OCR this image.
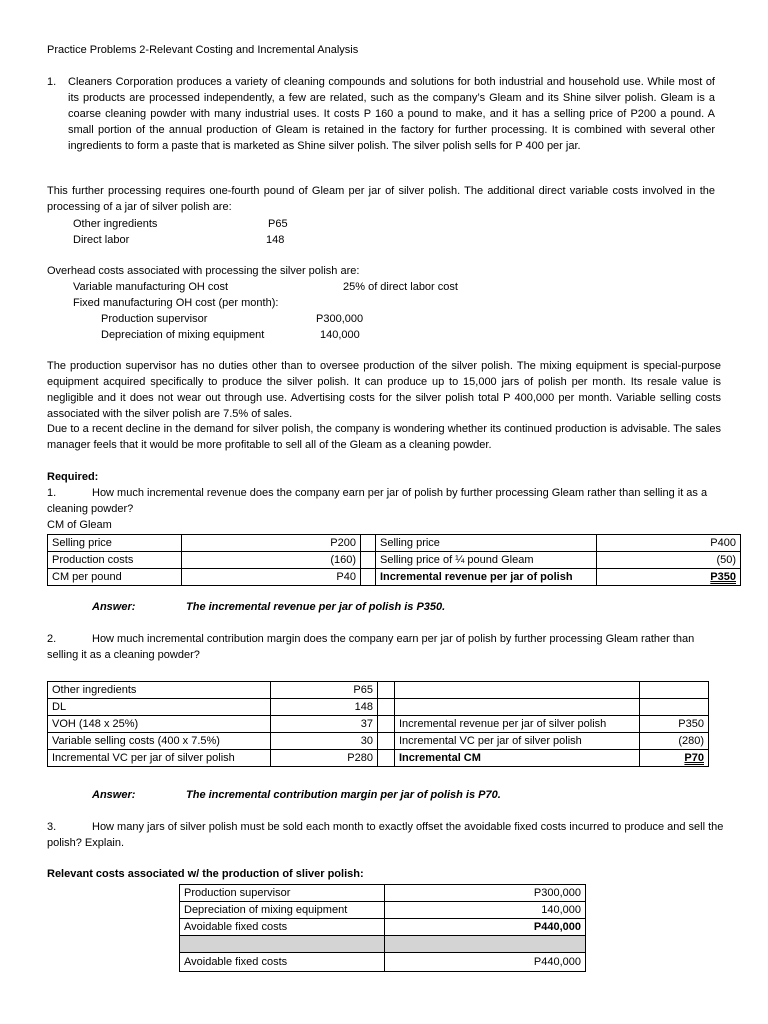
Practice Problems 2-Relevant Costing and Incremental Analysis
1. Cleaners Corporation produces a variety of cleaning compounds and solutions for both industrial and household use. While most of its products are processed independently, a few are related, such as the company’s Gleam and its Shine silver polish. Gleam is a coarse cleaning powder with many industrial uses. It costs P 160 a pound to make, and it has a selling price of P200 a pound. A small portion of the annual production of Gleam is retained in the factory for further processing. It is combined with several other ingredients to form a paste that is marketed as Shine silver polish. The silver polish sells for P 400 per jar.

This further processing requires one-fourth pound of Gleam per jar of silver polish. The additional direct variable costs involved in the processing of a jar of silver polish are:

Other ingredients	P65
Direct labor	148
Overhead costs associated with processing the silver polish are:
Variable manufacturing OH cost	25% of direct labor cost
Fixed manufacturing OH cost (per month):
Production supervisor	P300,000
Depreciation of mixing equipment	140,000

The production supervisor has no duties other than to oversee production of the silver polish. The mixing equipment is special-purpose equipment acquired specifically to produce the silver polish. It can produce up to 15,000 jars of polish per month. Its resale value is negligible and it does not wear out through use. Advertising costs for the silver polish total P 400,000 per month. Variable selling costs associated with the silver polish are 7.5% of sales.

Due to a recent decline in the demand for silver polish, the company is wondering whether its continued production is advisable. The sales manager feels that it would be more profitable to sell all of the Gleam as a cleaning powder.

Required:
1.	How much incremental revenue does the company earn per jar of polish by further processing Gleam rather than selling it as a cleaning powder?

CM of Gleam
Selling price	P200		Selling price	P400
Production costs	(160)		Selling price of ¼ pound Gleam	(50)
CM per pound	P40		Incremental revenue per jar of polish	P350
Answer:	The incremental revenue per jar of polish is P350.
2.	How much incremental contribution margin does the company earn per jar of polish by further processing Gleam rather than selling it as a cleaning powder?

Other ingredients	P65			
DL	148			
VOH (148 x 25%)	37		Incremental revenue per jar of silver polish	P350
Variable selling costs (400 x 7.5%)	30		Incremental VC per jar of silver polish	(280)
Incremental VC per jar of silver polish	P280		Incremental CM	P70
Answer:	The incremental contribution margin per jar of polish is P70.
3.	How many jars of silver polish must be sold each month to exactly offset the avoidable fixed costs incurred to produce and sell the polish? Explain.

Relevant costs associated w/ the production of sliver polish:
Production supervisor	P300,000
Depreciation of mixing equipment	140,000
Avoidable fixed costs	P440,000

Avoidable fixed costs	P440,000
